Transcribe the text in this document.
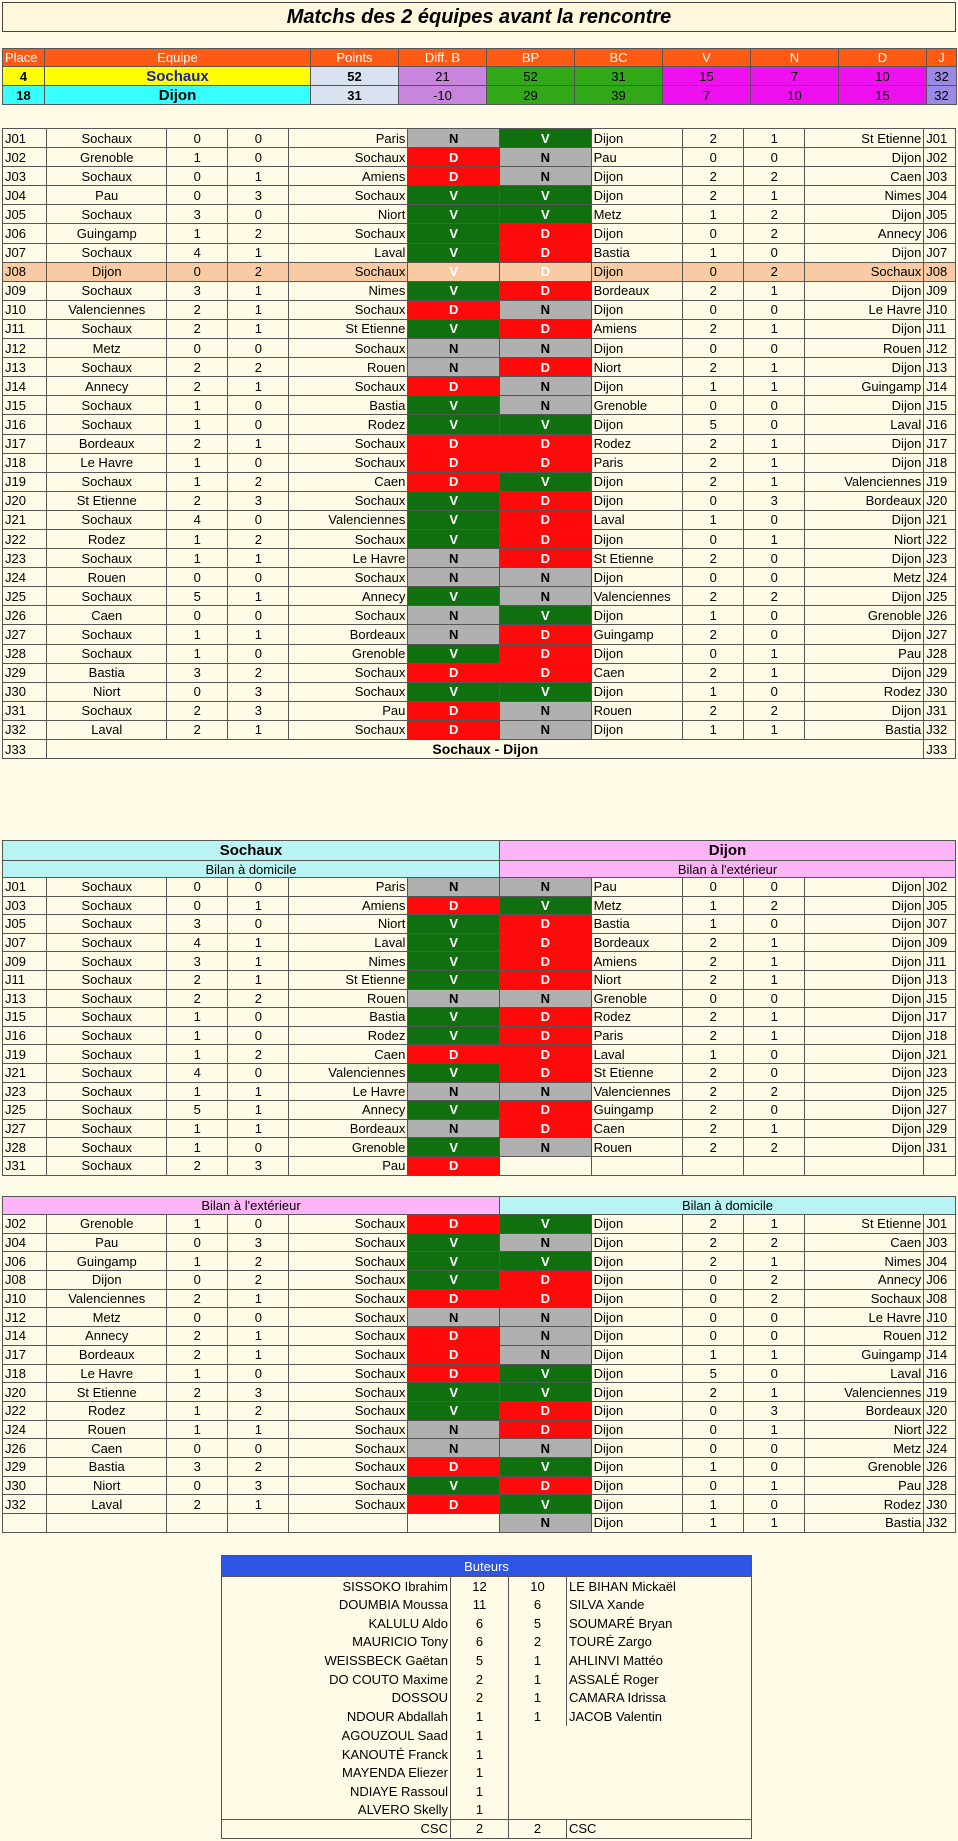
Matchs des 2 équipes avant la rencontre
Place	Equipe	Points	Diff. B	BP	BC	V	N	D	J
4	Sochaux	52	21	52	31	15	7	10	32
18	Dijon	31	-10	29	39	7	10	15	32
J01	Sochaux	0	0	Paris	N	V	Dijon	2	1	St Etienne	J01
J02	Grenoble	1	0	Sochaux	D	N	Pau	0	0	Dijon	J02
J03	Sochaux	0	1	Amiens	D	N	Dijon	2	2	Caen	J03
J04	Pau	0	3	Sochaux	V	V	Dijon	2	1	Nimes	J04
J05	Sochaux	3	0	Niort	V	V	Metz	1	2	Dijon	J05
J06	Guingamp	1	2	Sochaux	V	D	Dijon	0	2	Annecy	J06
J07	Sochaux	4	1	Laval	V	D	Bastia	1	0	Dijon	J07
J08	Dijon	0	2	Sochaux	V	D	Dijon	0	2	Sochaux	J08
J09	Sochaux	3	1	Nimes	V	D	Bordeaux	2	1	Dijon	J09
J10	Valenciennes	2	1	Sochaux	D	N	Dijon	0	0	Le Havre	J10
J11	Sochaux	2	1	St Etienne	V	D	Amiens	2	1	Dijon	J11
J12	Metz	0	0	Sochaux	N	N	Dijon	0	0	Rouen	J12
J13	Sochaux	2	2	Rouen	N	D	Niort	2	1	Dijon	J13
J14	Annecy	2	1	Sochaux	D	N	Dijon	1	1	Guingamp	J14
J15	Sochaux	1	0	Bastia	V	N	Grenoble	0	0	Dijon	J15
J16	Sochaux	1	0	Rodez	V	V	Dijon	5	0	Laval	J16
J17	Bordeaux	2	1	Sochaux	D	D	Rodez	2	1	Dijon	J17
J18	Le Havre	1	0	Sochaux	D	D	Paris	2	1	Dijon	J18
J19	Sochaux	1	2	Caen	D	V	Dijon	2	1	Valenciennes	J19
J20	St Etienne	2	3	Sochaux	V	D	Dijon	0	3	Bordeaux	J20
J21	Sochaux	4	0	Valenciennes	V	D	Laval	1	0	Dijon	J21
J22	Rodez	1	2	Sochaux	V	D	Dijon	0	1	Niort	J22
J23	Sochaux	1	1	Le Havre	N	D	St Etienne	2	0	Dijon	J23
J24	Rouen	0	0	Sochaux	N	N	Dijon	0	0	Metz	J24
J25	Sochaux	5	1	Annecy	V	N	Valenciennes	2	2	Dijon	J25
J26	Caen	0	0	Sochaux	N	V	Dijon	1	0	Grenoble	J26
J27	Sochaux	1	1	Bordeaux	N	D	Guingamp	2	0	Dijon	J27
J28	Sochaux	1	0	Grenoble	V	D	Dijon	0	1	Pau	J28
J29	Bastia	3	2	Sochaux	D	D	Caen	2	1	Dijon	J29
J30	Niort	0	3	Sochaux	V	V	Dijon	1	0	Rodez	J30
J31	Sochaux	2	3	Pau	D	N	Rouen	2	2	Dijon	J31
J32	Laval	2	1	Sochaux	D	N	Dijon	1	1	Bastia	J32
J33	Sochaux - Dijon										J33
Sochaux						Dijon					
Bilan à domicile						Bilan à l'extérieur					
J01	Sochaux	0	0	Paris	N	N	Pau	0	0	Dijon	J02
J03	Sochaux	0	1	Amiens	D	V	Metz	1	2	Dijon	J05
J05	Sochaux	3	0	Niort	V	D	Bastia	1	0	Dijon	J07
J07	Sochaux	4	1	Laval	V	D	Bordeaux	2	1	Dijon	J09
J09	Sochaux	3	1	Nimes	V	D	Amiens	2	1	Dijon	J11
J11	Sochaux	2	1	St Etienne	V	D	Niort	2	1	Dijon	J13
J13	Sochaux	2	2	Rouen	N	N	Grenoble	0	0	Dijon	J15
J15	Sochaux	1	0	Bastia	V	D	Rodez	2	1	Dijon	J17
J16	Sochaux	1	0	Rodez	V	D	Paris	2	1	Dijon	J18
J19	Sochaux	1	2	Caen	D	D	Laval	1	0	Dijon	J21
J21	Sochaux	4	0	Valenciennes	V	D	St Etienne	2	0	Dijon	J23
J23	Sochaux	1	1	Le Havre	N	N	Valenciennes	2	2	Dijon	J25
J25	Sochaux	5	1	Annecy	V	D	Guingamp	2	0	Dijon	J27
J27	Sochaux	1	1	Bordeaux	N	D	Caen	2	1	Dijon	J29
J28	Sochaux	1	0	Grenoble	V	N	Rouen	2	2	Dijon	J31
J31	Sochaux	2	3	Pau	D						
Bilan à l'extérieur						Bilan à domicile					
J02	Grenoble	1	0	Sochaux	D	V	Dijon	2	1	St Etienne	J01
J04	Pau	0	3	Sochaux	V	N	Dijon	2	2	Caen	J03
J06	Guingamp	1	2	Sochaux	V	V	Dijon	2	1	Nimes	J04
J08	Dijon	0	2	Sochaux	V	D	Dijon	0	2	Annecy	J06
J10	Valenciennes	2	1	Sochaux	D	D	Dijon	0	2	Sochaux	J08
J12	Metz	0	0	Sochaux	N	N	Dijon	0	0	Le Havre	J10
J14	Annecy	2	1	Sochaux	D	N	Dijon	0	0	Rouen	J12
J17	Bordeaux	2	1	Sochaux	D	N	Dijon	1	1	Guingamp	J14
J18	Le Havre	1	0	Sochaux	D	V	Dijon	5	0	Laval	J16
J20	St Etienne	2	3	Sochaux	V	V	Dijon	2	1	Valenciennes	J19
J22	Rodez	1	2	Sochaux	V	D	Dijon	0	3	Bordeaux	J20
J24	Rouen	1	1	Sochaux	N	D	Dijon	0	1	Niort	J22
J26	Caen	0	0	Sochaux	N	N	Dijon	0	0	Metz	J24
J29	Bastia	3	2	Sochaux	D	V	Dijon	1	0	Grenoble	J26
J30	Niort	0	3	Sochaux	V	D	Dijon	0	1	Pau	J28
J32	Laval	2	1	Sochaux	D	V	Dijon	1	0	Rodez	J30
						N	Dijon	1	1	Bastia	J32
Buteurs			
SISSOKO Ibrahim	12	10	LE BIHAN Mickaël
DOUMBIA Moussa	11	6	SILVA Xande
KALULU Aldo	6	5	SOUMARÉ Bryan
MAURICIO Tony	6	2	TOURÉ Zargo
WEISSBECK Gaëtan	5	1	AHLINVI Mattéo
DO COUTO Maxime	2	1	ASSALÉ Roger
DOSSOU	2	1	CAMARA Idrissa
NDOUR Abdallah	1	1	JACOB Valentin
AGOUZOUL Saad	1		
KANOUTÉ Franck	1		
MAYENDA Eliezer	1		
NDIAYE Rassoul	1		
ALVERO Skelly	1		
CSC	2	2	CSC
